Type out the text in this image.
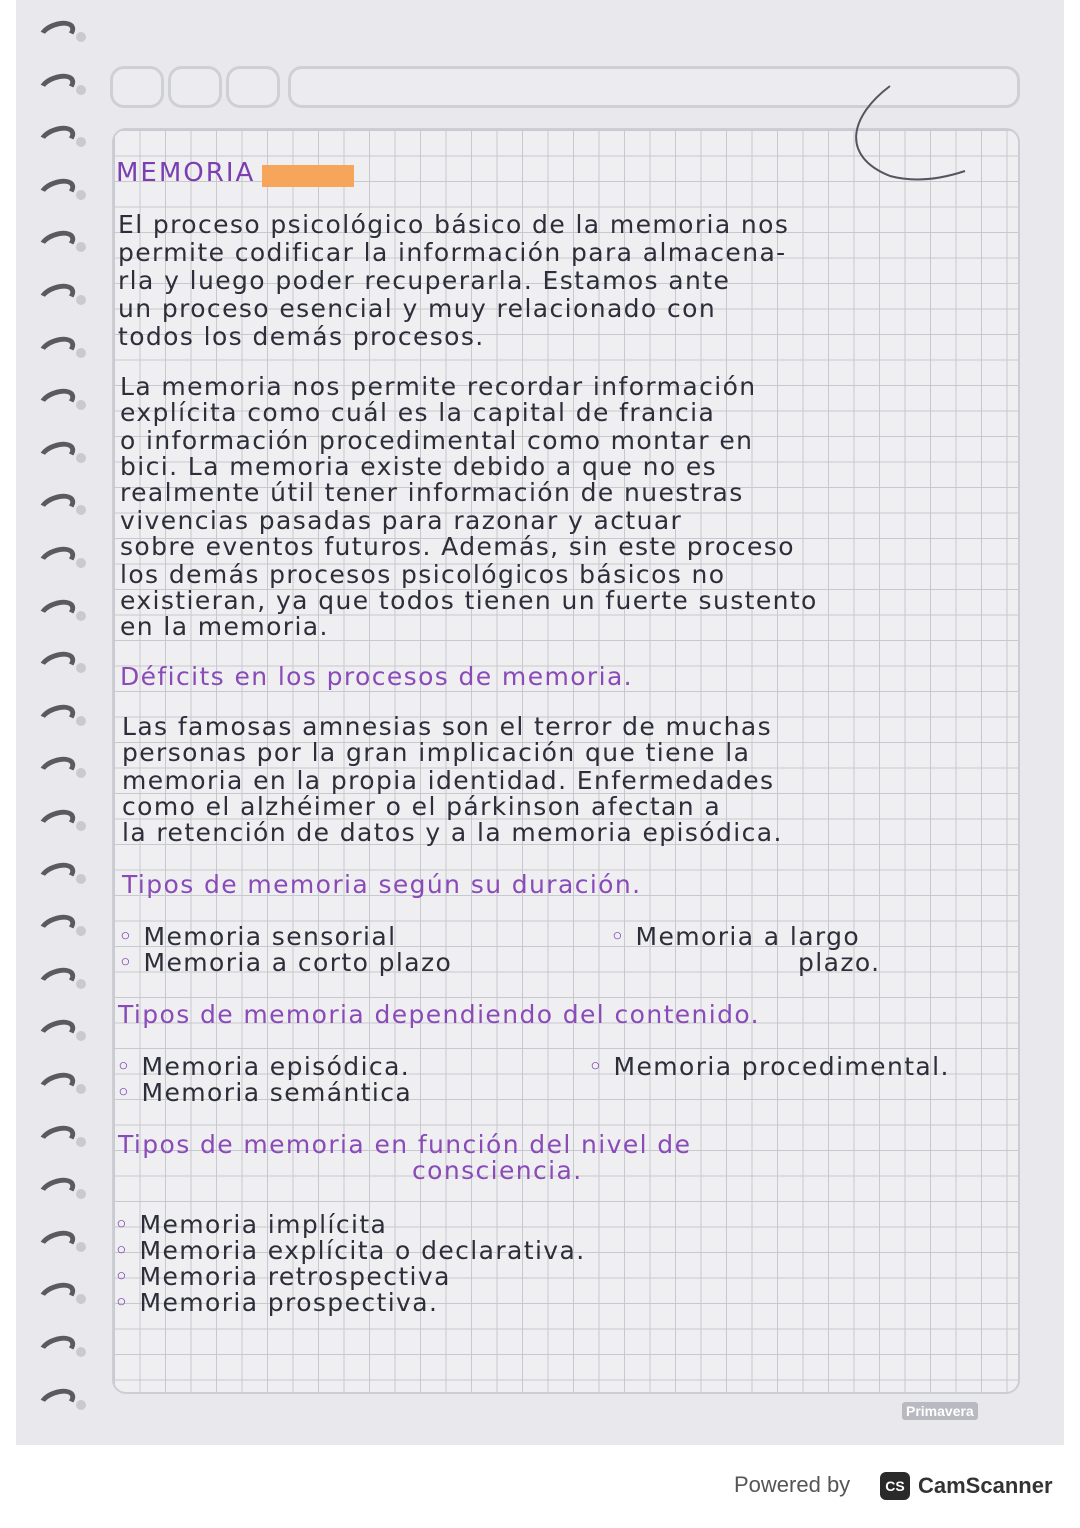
MEMORIA

El proceso psicológico básico de la memoria nos

permite codificar la información para almacena-

rla y luego poder recuperarla. Estamos ante

un proceso esencial y muy relacionado con

todos los demás procesos.

La memoria nos permite recordar información

explícita como cuál es la capital de francia

o información procedimental como montar en

bici. La memoria existe debido a que no es

realmente útil tener información de nuestras

vivencias pasadas para razonar y actuar

sobre eventos futuros. Además, sin este proceso

los demás procesos psicológicos básicos no

existieran, ya que todos tienen un fuerte sustento

en la memoria.

Déficits en los procesos de memoria.

Las famosas amnesias son el terror de muchas

personas por la gran implicación que tiene la

memoria en la propia identidad. Enfermedades

como el alzhéimer o el párkinson afectan a

la retención de datos y a la memoria episódica.

Tipos de memoria según su duración.

◦ Memoria sensorial
◦ Memoria a corto plazo
◦ Memoria a largo

plazo.

Tipos de memoria dependiendo del contenido.

◦ Memoria episódica.
◦ Memoria semántica
◦ Memoria procedimental.

Tipos de memoria en función del nivel de

consciencia.

◦ Memoria implícita
◦ Memoria explícita o declarativa.
◦ Memoria retrospectiva
◦ Memoria prospectiva.
Primavera
Powered by	CS CamScanner
